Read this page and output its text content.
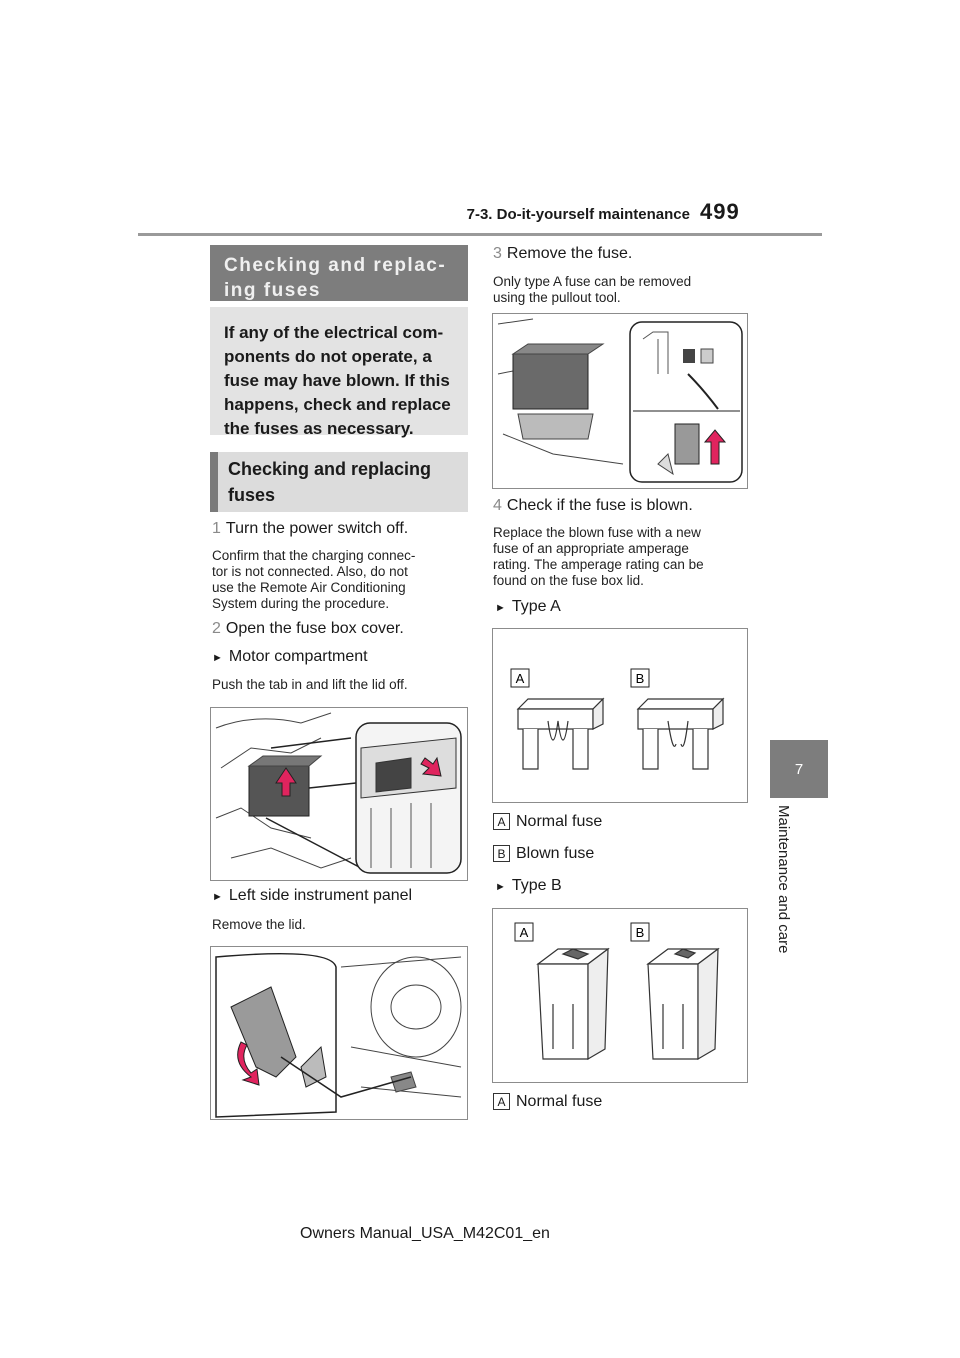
7-3. Do-it-yourself maintenance 499
7
Maintenance and care
Checking and replac-
ing fuses
If any of the electrical com-
ponents do not operate, a
fuse may have blown. If this
happens, check and replace
the fuses as necessary.
Checking and replacing
fuses
1 Turn the power switch off.
Confirm that the charging connec-
tor is not connected. Also, do not
use the Remote Air Conditioning
System during the procedure.
2 Open the fuse box cover.
► Motor compartment
Push the tab in and lift the lid off.
► Left side instrument panel
Remove the lid.
3 Remove the fuse.
Only type A fuse can be removed
using the pullout tool.
4 Check if the fuse is blown.
Replace the blown fuse with a new
fuse of an appropriate amperage
rating. The amperage rating can be
found on the fuse box lid.
► Type A
A	B
A Normal fuse
B Blown fuse
► Type B
A	B
A Normal fuse
Owners Manual_USA_M42C01_en
